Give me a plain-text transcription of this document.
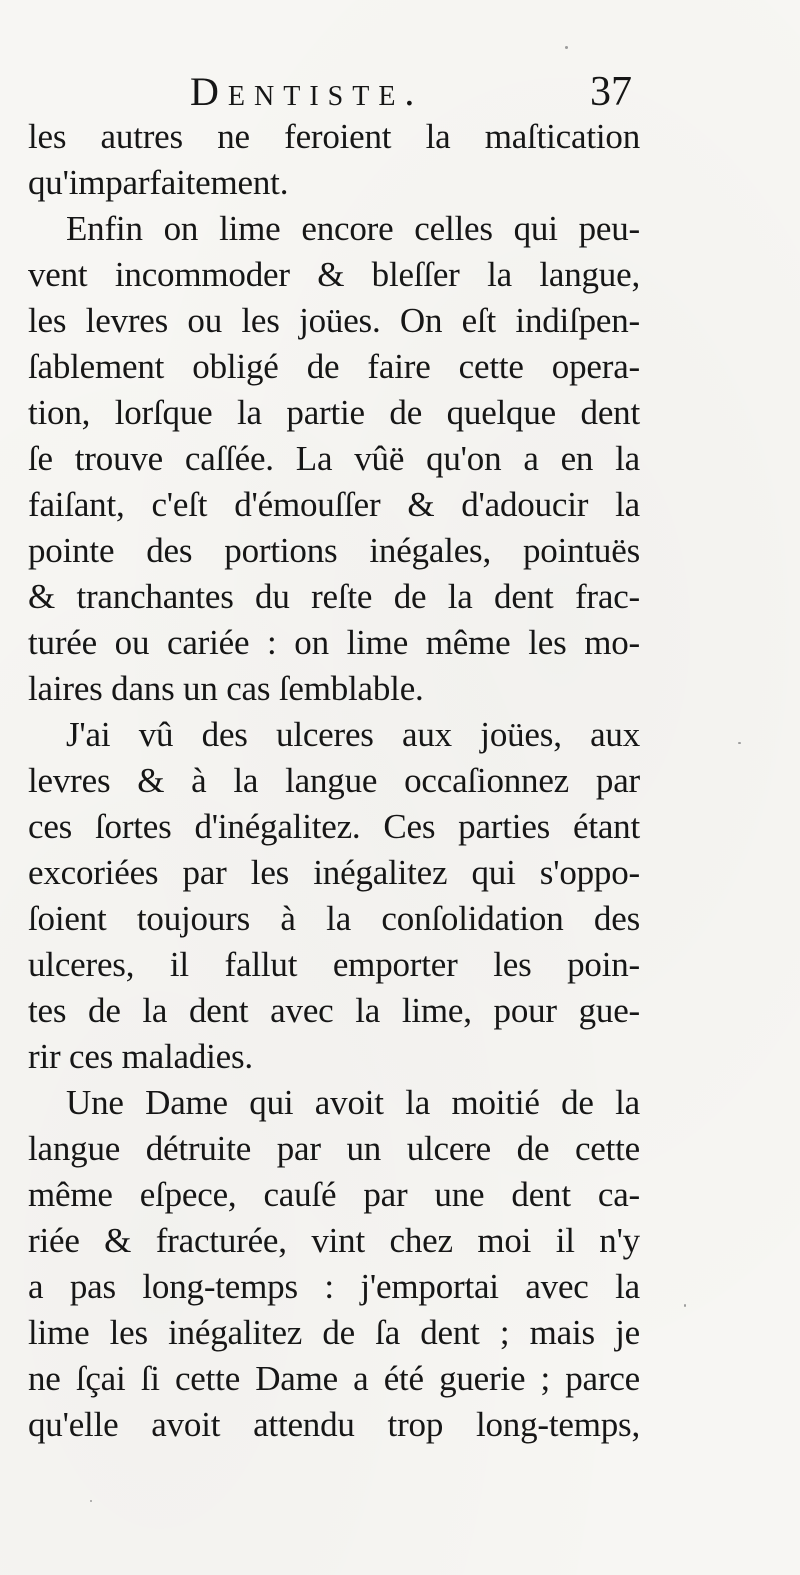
Dentiste.	37
les autres ne feroient la maſtication
qu'imparfaitement.
Enfin on lime encore celles qui peu-
vent incommoder & bleſſer la langue,
les levres ou les joües. On eſt indiſpen-
ſablement obligé de faire cette opera-
tion, lorſque la partie de quelque dent
ſe trouve caſſée. La vûë qu'on a en la
faiſant, c'eſt d'émouſſer & d'adoucir la
pointe des portions inégales, pointuës
& tranchantes du reſte de la dent frac-
turée ou cariée : on lime même les mo-
laires dans un cas ſemblable.
J'ai vû des ulceres aux joües, aux
levres & à la langue occaſionnez par
ces ſortes d'inégalitez. Ces parties étant
excoriées par les inégalitez qui s'oppo-
ſoient toujours à la conſolidation des
ulceres, il fallut emporter les poin-
tes de la dent avec la lime, pour gue-
rir ces maladies.
Une Dame qui avoit la moitié de la
langue détruite par un ulcere de cette
même eſpece, cauſé par une dent ca-
riée & fracturée, vint chez moi il n'y
a pas long-temps : j'emportai avec la
lime les inégalitez de ſa dent ; mais je
ne ſçai ſi cette Dame a été guerie ; parce
qu'elle avoit attendu trop long-temps,
